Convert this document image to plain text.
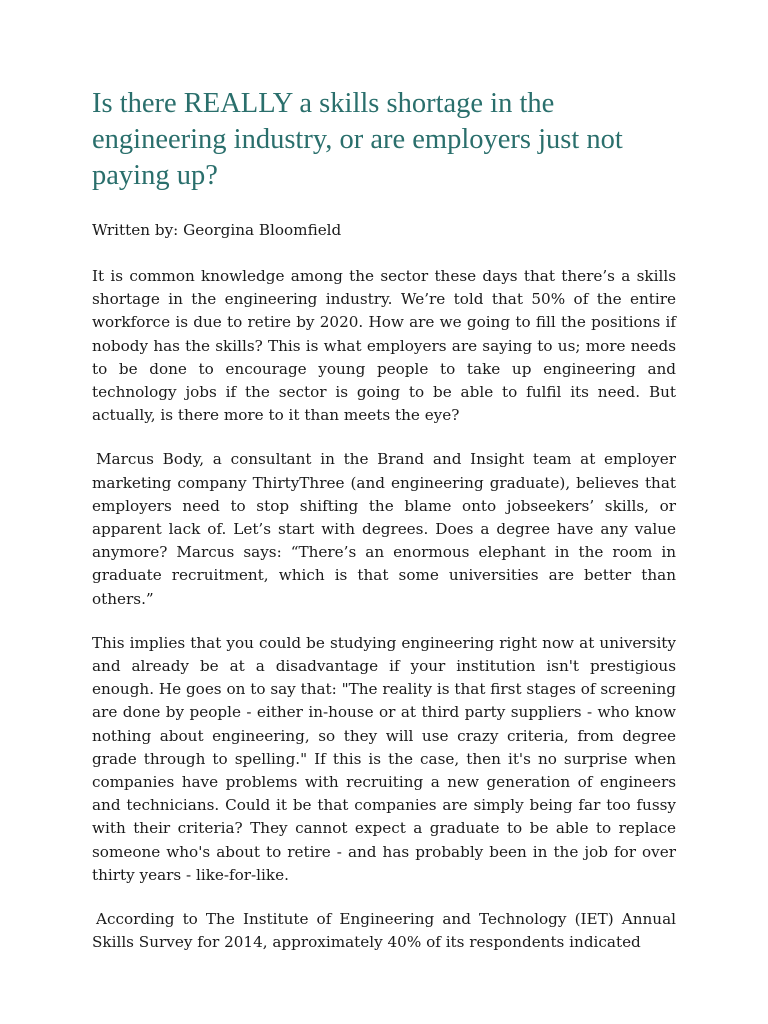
Is there REALLY a skills shortage in the engineering industry, or are employers just not paying up?
Written by: Georgina Bloomfield

It is common knowledge among the sector these days that there’s a skills shortage in the engineering industry. We’re told that 50% of the entire workforce is due to retire by 2020. How are we going to fill the positions if nobody has the skills? This is what employers are saying to us; more needs to be done to encourage young people to take up engineering and technology jobs if the sector is going to be able to fulfil its need. But actually, is there more to it than meets the eye?

Marcus Body, a consultant in the Brand and Insight team at employer marketing company ThirtyThree (and engineering graduate), believes that employers need to stop shifting the blame onto jobseekers’ skills, or apparent lack of. Let’s start with degrees. Does a degree have any value anymore? Marcus says: “There’s an enormous elephant in the room in graduate recruitment, which is that some universities are better than others.”

This implies that you could be studying engineering right now at university and already be at a disadvantage if your institution isn't prestigious enough. He goes on to say that: "The reality is that first stages of screening are done by people - either in-house or at third party suppliers - who know nothing about engineering, so they will use crazy criteria, from degree grade through to spelling." If this is the case, then it's no surprise when companies have problems with recruiting a new generation of engineers and technicians. Could it be that companies are simply being far too fussy with their criteria? They cannot expect a graduate to be able to replace someone who's about to retire - and has probably been in the job for over thirty years - like-for-like.

According to The Institute of Engineering and Technology (IET) Annual Skills Survey for 2014, approximately 40% of its respondents indicated
